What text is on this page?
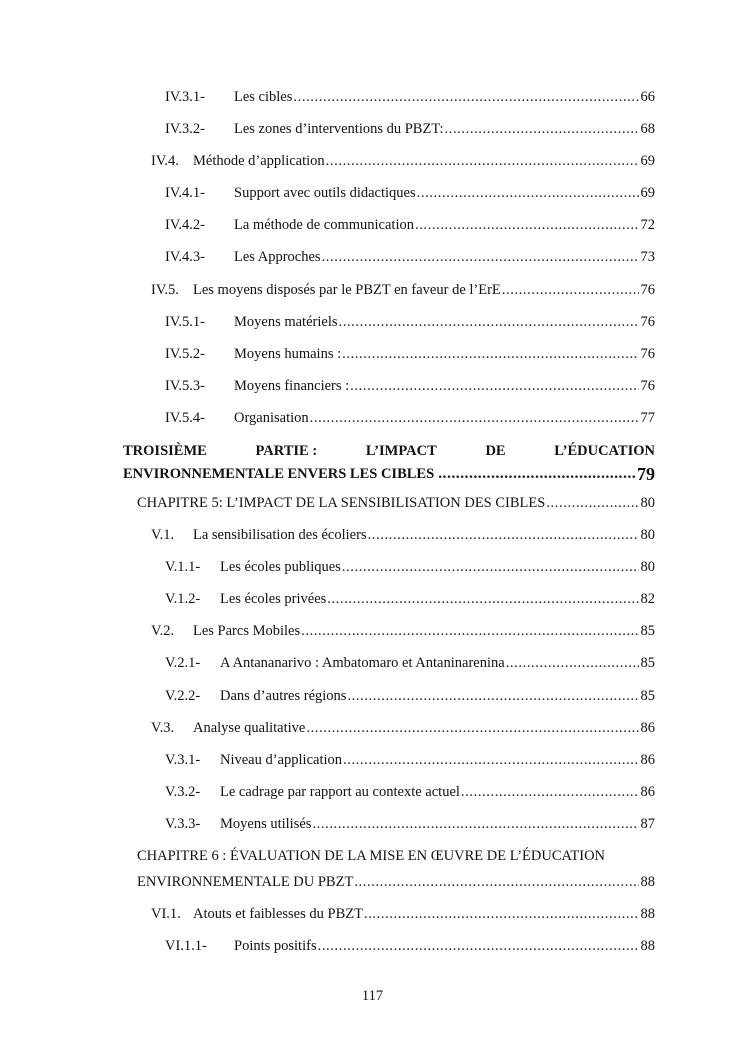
IV.3.1-	Les cibles .....	66
IV.3.2-	Les zones d’interventions du PBZT: .....	68
IV.4. Méthode d’application .....	69
IV.4.1-	Support avec outils didactiques .....	69
IV.4.2-	La méthode de communication .....	72
IV.4.3-	Les Approches .....	73
IV.5. Les moyens disposés par le PBZT en faveur de l’ErE .....	76
IV.5.1-	Moyens matériels .....	76
IV.5.2-	Moyens humains : .....	76
IV.5.3-	Moyens financiers : .....	76
IV.5.4-	Organisation .....	77
TROISIÈME	PARTIE :	L’IMPACT	DE	L’ÉDUCATION
ENVIRONNEMENTALE ENVERS LES CIBLES .....	79
CHAPITRE 5: L’IMPACT DE LA SENSIBILISATION DES CIBLES .....	80
V.1.	La sensibilisation des écoliers .....	80
V.1.1-	Les écoles publiques .....	80
V.1.2-	Les écoles privées .....	82
V.2.	Les Parcs Mobiles .....	85
V.2.1-	A Antananarivo : Ambatomaro et Antaninarenina .....	85
V.2.2-	Dans d’autres régions .....	85
V.3.	Analyse qualitative .....	86
V.3.1-	Niveau d’application .....	86
V.3.2-	Le cadrage par rapport au contexte actuel .....	86
V.3.3-	Moyens utilisés .....	87
CHAPITRE 6 : ÉVALUATION DE LA MISE EN ŒUVRE DE L’ÉDUCATION
ENVIRONNEMENTALE DU PBZT .....	88
VI.1. Atouts et faiblesses du PBZT .....	88
VI.1.1-	Points positifs .....	88
117
